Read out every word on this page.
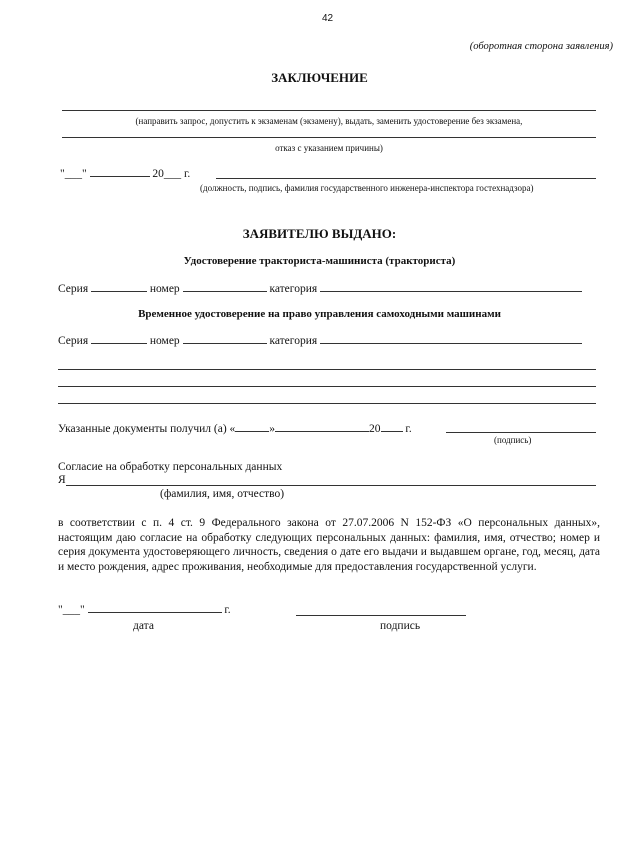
42
(оборотная сторона заявления)
ЗАКЛЮЧЕНИЕ
(направить запрос, допустить к экзаменам (экзамену), выдать, заменить удостоверение без экзамена,
отказ с указанием причины)
"___"	20___ г.
(должность, подпись, фамилия государственного инженера-инспектора гостехнадзора)
ЗАЯВИТЕЛЮ ВЫДАНО:
Удостоверение тракториста-машиниста (тракториста)
Серия	номер	категория
Временное удостоверение на право управления самоходными машинами
Серия	номер	категория
Указанные документы получил (а) «	»	20 г.
(подпись)
Согласие на обработку персональных данных
Я
(фамилия, имя, отчество)
в соответствии с п. 4 ст. 9 Федерального закона от 27.07.2006 N 152-ФЗ «О персональных данных», настоящим даю согласие на обработку следующих персональных данных: фамилия, имя, отчество; номер и серия документа удостоверяющего личность, сведения о дате его выдачи и выдавшем органе, год, месяц, дата и место рождения, адрес проживания, необходимые для предоставления государственной услуги.
"___"	г.
дата	подпись
